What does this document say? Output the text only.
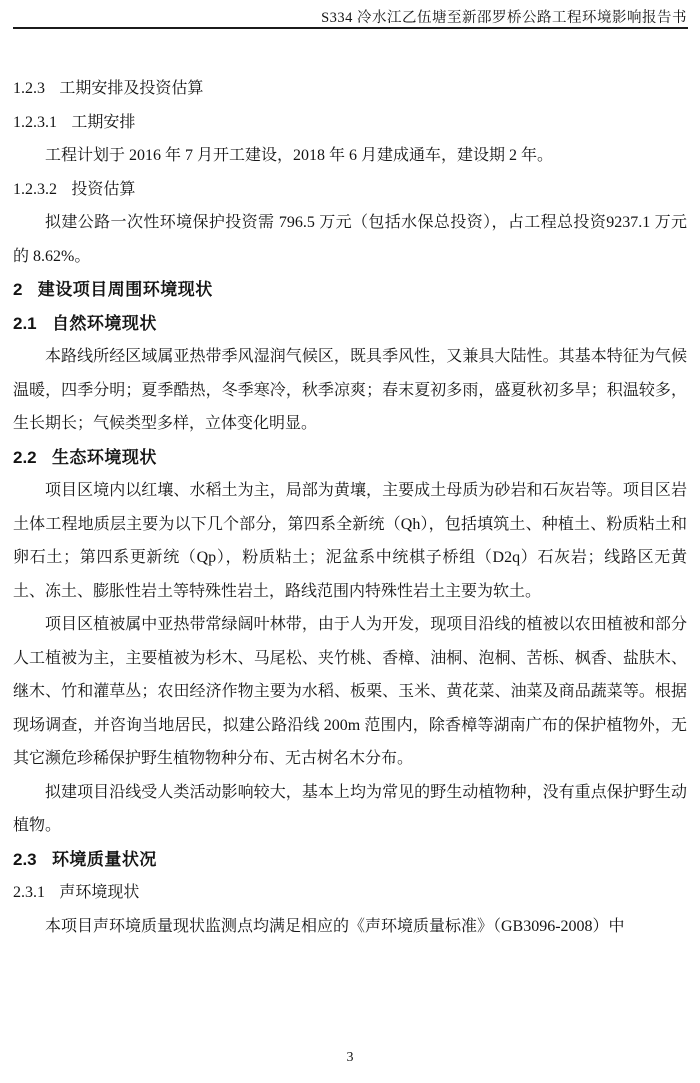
S334 冷水江乙伍塘至新邵罗桥公路工程环境影响报告书
1.2.3 工期安排及投资估算
1.2.3.1 工期安排

工程计划于 2016 年 7 月开工建设，2018 年 6 月建成通车，建设期 2 年。

1.2.3.2 投资估算

拟建公路一次性环境保护投资需 796.5 万元（包括水保总投资），占工程总投资9237.1 万元的 8.62%。

2 建设项目周围环境现状
2.1 自然环境现状

本路线所经区域属亚热带季风湿润气候区，既具季风性，又兼具大陆性。其基本特征为气候温暖，四季分明；夏季酷热，冬季寒冷，秋季凉爽；春末夏初多雨，盛夏秋初多旱；积温较多，生长期长；气候类型多样，立体变化明显。

2.2 生态环境现状

项目区境内以红壤、水稻土为主，局部为黄壤，主要成土母质为砂岩和石灰岩等。项目区岩土体工程地质层主要为以下几个部分，第四系全新统（Qh），包括填筑土、种植土、粉质粘土和卵石土；第四系更新统（Qp），粉质粘土；泥盆系中统棋子桥组（D2q）石灰岩；线路区无黄土、冻土、膨胀性岩土等特殊性岩土，路线范围内特殊性岩土主要为软土。

项目区植被属中亚热带常绿阔叶林带，由于人为开发，现项目沿线的植被以农田植被和部分人工植被为主，主要植被为杉木、马尾松、夹竹桃、香樟、油桐、泡桐、苦栎、枫香、盐肤木、继木、竹和灌草丛；农田经济作物主要为水稻、板栗、玉米、黄花菜、油菜及商品蔬菜等。根据现场调查，并咨询当地居民，拟建公路沿线 200m 范围内，除香樟等湖南广布的保护植物外，无其它濒危珍稀保护野生植物物种分布、无古树名木分布。

拟建项目沿线受人类活动影响较大，基本上均为常见的野生动植物种，没有重点保护野生动植物。

2.3 环境质量状况
2.3.1 声环境现状

本项目声环境质量现状监测点均满足相应的《声环境质量标准》（GB3096-2008）中

3
